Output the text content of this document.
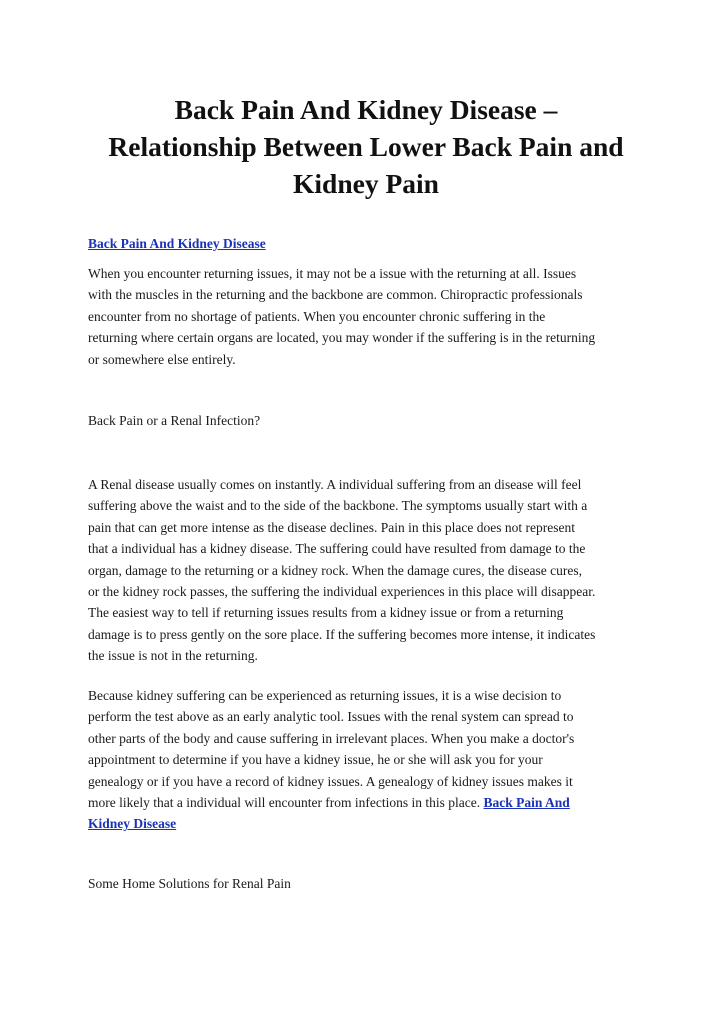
Back Pain And Kidney Disease –
Relationship Between Lower Back Pain and
Kidney Pain
Back Pain And Kidney Disease
When you encounter returning issues, it may not be a issue with the returning at all. Issues
with the muscles in the returning and the backbone are common. Chiropractic professionals
encounter from no shortage of patients. When you encounter chronic suffering in the
returning where certain organs are located, you may wonder if the suffering is in the returning
or somewhere else entirely.
Back Pain or a Renal Infection?
A Renal disease usually comes on instantly. A individual suffering from an disease will feel
suffering above the waist and to the side of the backbone. The symptoms usually start with a
pain that can get more intense as the disease declines. Pain in this place does not represent
that a individual has a kidney disease. The suffering could have resulted from damage to the
organ, damage to the returning or a kidney rock. When the damage cures, the disease cures,
or the kidney rock passes, the suffering the individual experiences in this place will disappear.
The easiest way to tell if returning issues results from a kidney issue or from a returning
damage is to press gently on the sore place. If the suffering becomes more intense, it indicates
the issue is not in the returning.
Because kidney suffering can be experienced as returning issues, it is a wise decision to
perform the test above as an early analytic tool. Issues with the renal system can spread to
other parts of the body and cause suffering in irrelevant places. When you make a doctor's
appointment to determine if you have a kidney issue, he or she will ask you for your
genealogy or if you have a record of kidney issues. A genealogy of kidney issues makes it
more likely that a individual will encounter from infections in this place. Back Pain And
Kidney Disease
Some Home Solutions for Renal Pain
